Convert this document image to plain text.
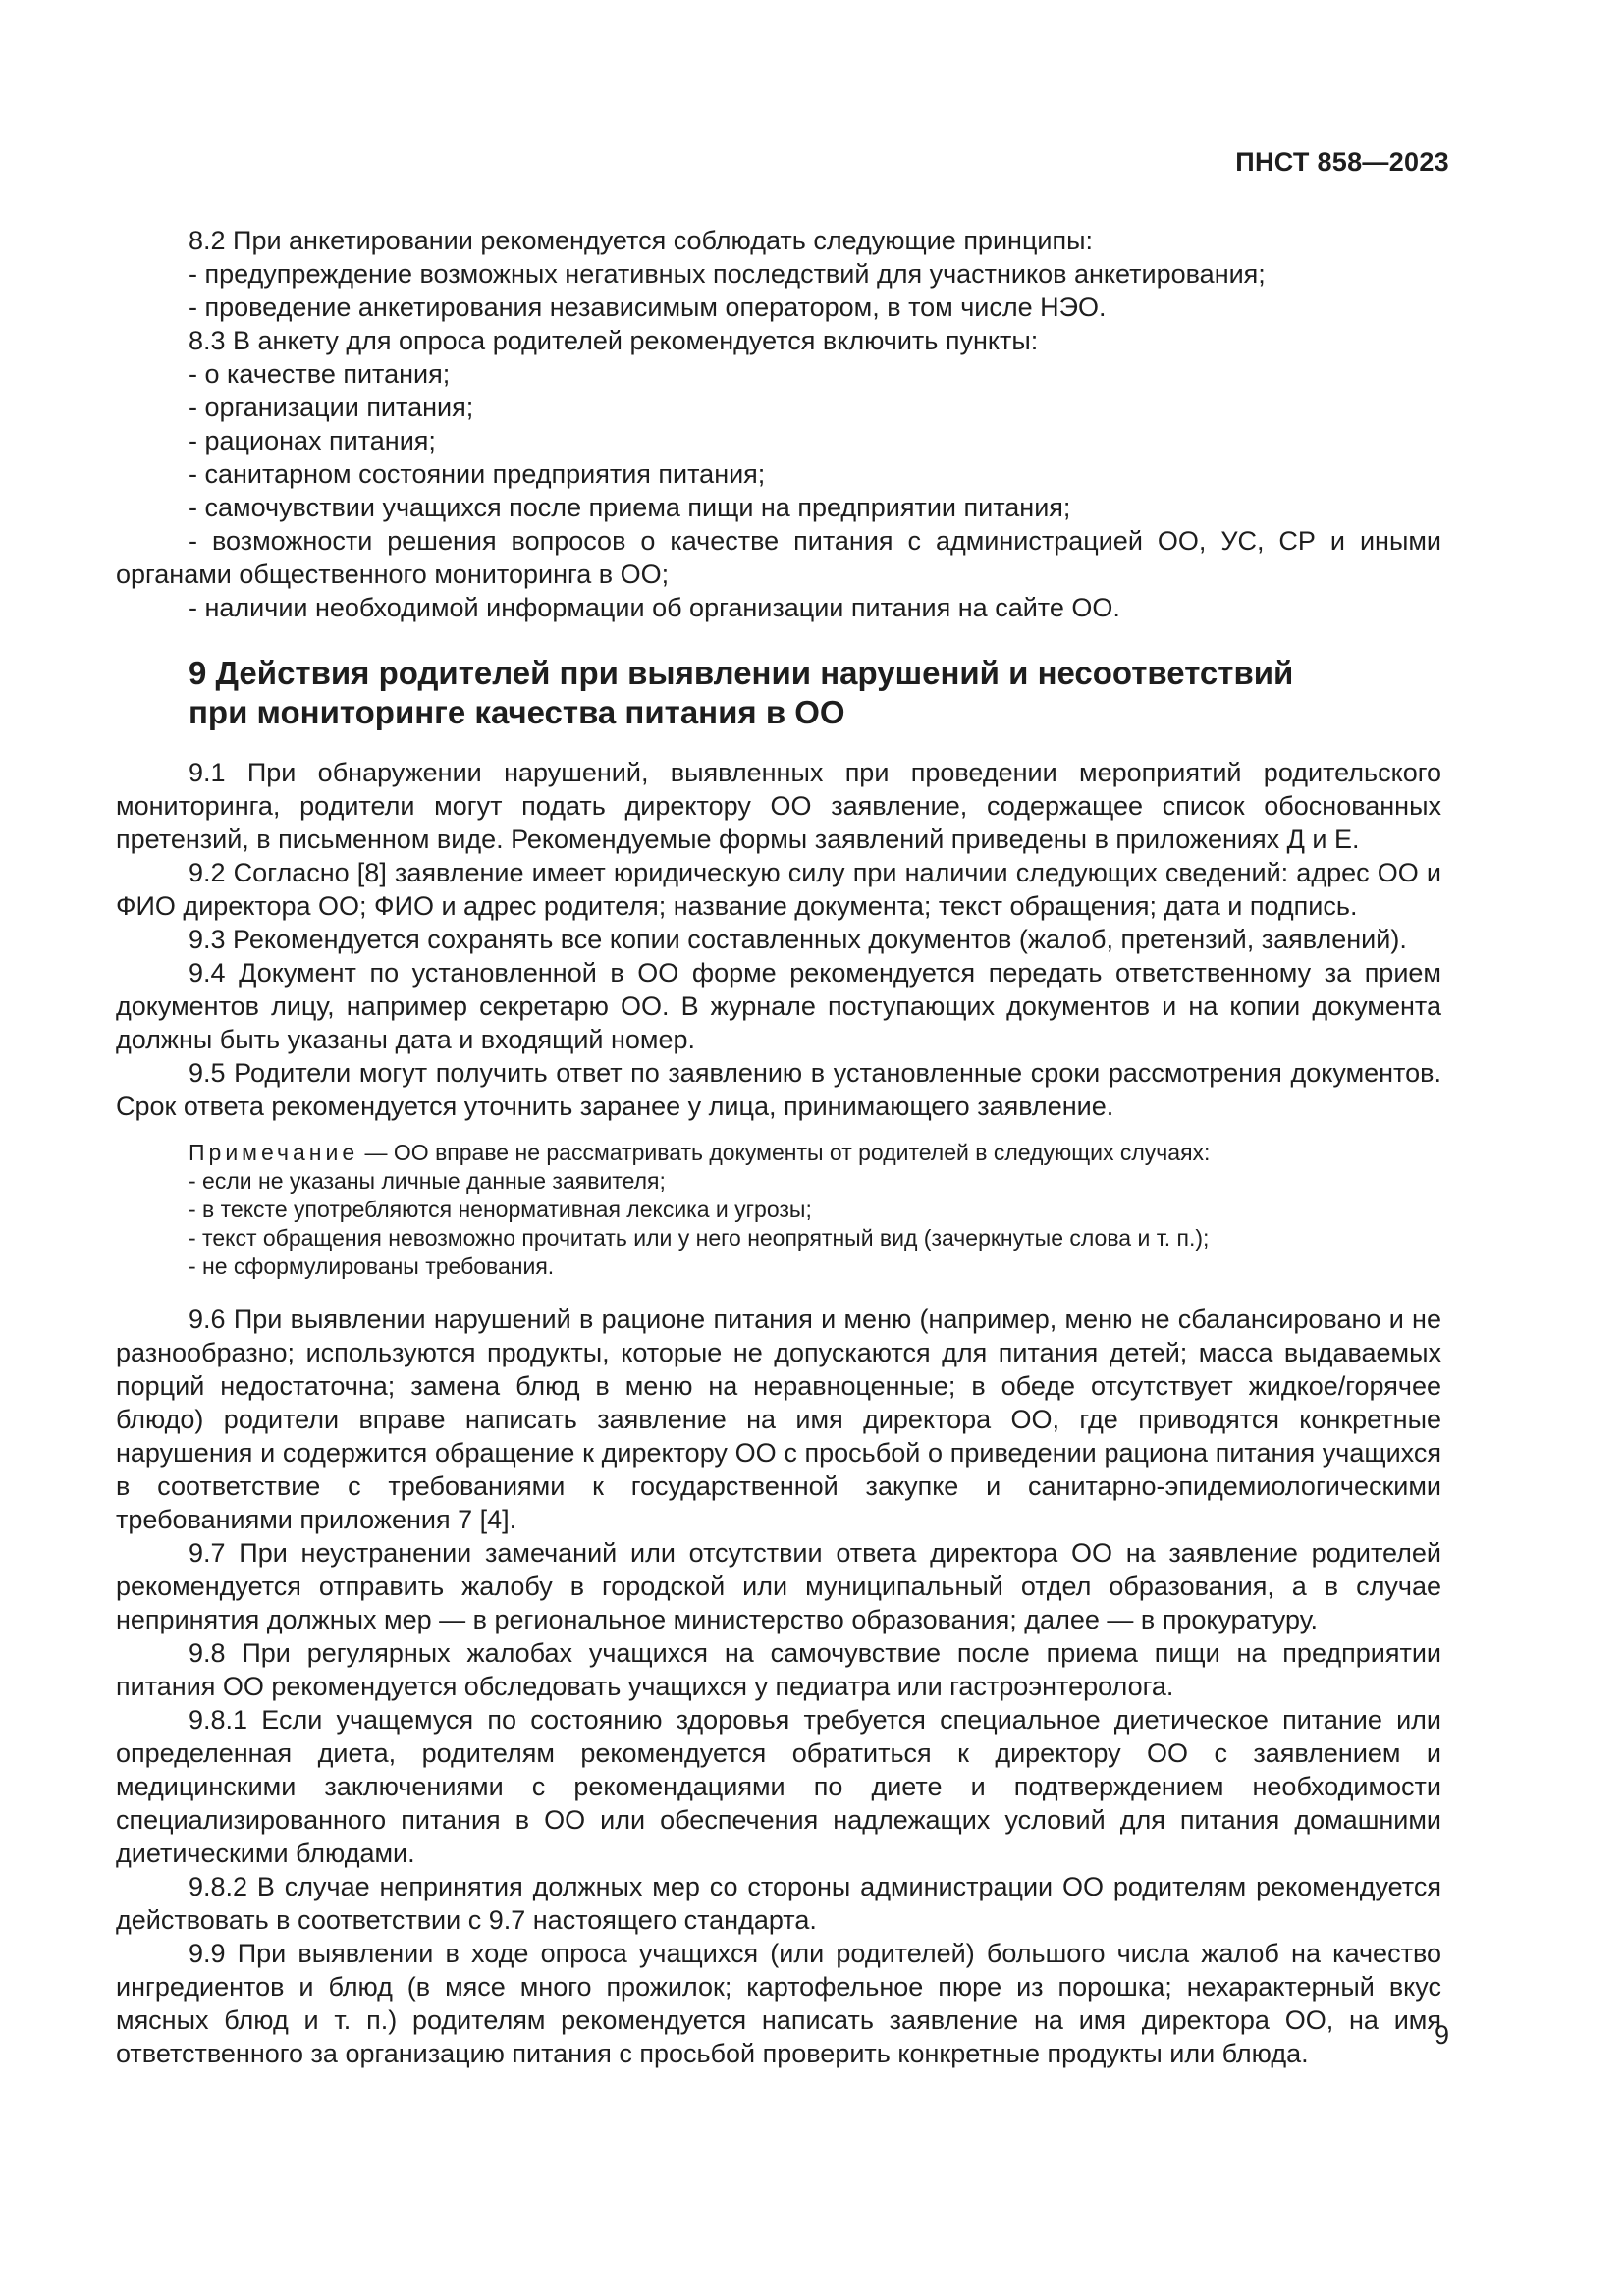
ПНСТ 858—2023

8.2 При анкетировании рекомендуется соблюдать следующие принципы:

- предупреждение возможных негативных последствий для участников анкетирования;

- проведение анкетирования независимым оператором, в том числе НЭО.

8.3 В анкету для опроса родителей рекомендуется включить пункты:

- о качестве питания;

- организации питания;

- рационах питания;

- санитарном состоянии предприятия питания;

- самочувствии учащихся после приема пищи на предприятии питания;

- возможности решения вопросов о качестве питания с администрацией ОО, УС, СР и иными органами общественного мониторинга в ОО;

- наличии необходимой информации об организации питания на сайте ОО.

9 Действия родителей при выявлении нарушений и несоответствий
при мониторинге качества питания в ОО

9.1 При обнаружении нарушений, выявленных при проведении мероприятий родительского мониторинга, родители могут подать директору ОО заявление, содержащее список обоснованных претензий, в письменном виде. Рекомендуемые формы заявлений приведены в приложениях Д и Е.

9.2 Согласно [8] заявление имеет юридическую силу при наличии следующих сведений: адрес ОО и ФИО директора ОО; ФИО и адрес родителя; название документа; текст обращения; дата и подпись.

9.3 Рекомендуется сохранять все копии составленных документов (жалоб, претензий, заявлений).

9.4 Документ по установленной в ОО форме рекомендуется передать ответственному за прием документов лицу, например секретарю ОО. В журнале поступающих документов и на копии документа должны быть указаны дата и входящий номер.

9.5 Родители могут получить ответ по заявлению в установленные сроки рассмотрения документов. Срок ответа рекомендуется уточнить заранее у лица, принимающего заявление.

Примечание — ОО вправе не рассматривать документы от родителей в следующих случаях:

- если не указаны личные данные заявителя;

- в тексте употребляются ненормативная лексика и угрозы;

- текст обращения невозможно прочитать или у него неопрятный вид (зачеркнутые слова и т. п.);

- не сформулированы требования.

9.6 При выявлении нарушений в рационе питания и меню (например, меню не сбалансировано и не разнообразно; используются продукты, которые не допускаются для питания детей; масса выдаваемых порций недостаточна; замена блюд в меню на неравноценные; в обеде отсутствует жидкое/горячее блюдо) родители вправе написать заявление на имя директора ОО, где приводятся конкретные нарушения и содержится обращение к директору ОО с просьбой о приведении рациона питания учащихся в соответствие с требованиями к государственной закупке и санитарно-эпидемиологическими требованиями приложения 7 [4].

9.7 При неустранении замечаний или отсутствии ответа директора ОО на заявление родителей рекомендуется отправить жалобу в городской или муниципальный отдел образования, а в случае непринятия должных мер — в региональное министерство образования; далее — в прокуратуру.

9.8 При регулярных жалобах учащихся на самочувствие после приема пищи на предприятии питания ОО рекомендуется обследовать учащихся у педиатра или гастроэнтеролога.

9.8.1 Если учащемуся по состоянию здоровья требуется специальное диетическое питание или определенная диета, родителям рекомендуется обратиться к директору ОО с заявлением и медицинскими заключениями с рекомендациями по диете и подтверждением необходимости специализированного питания в ОО или обеспечения надлежащих условий для питания домашними диетическими блюдами.

9.8.2 В случае непринятия должных мер со стороны администрации ОО родителям рекомендуется действовать в соответствии с 9.7 настоящего стандарта.

9.9 При выявлении в ходе опроса учащихся (или родителей) большого числа жалоб на качество ингредиентов и блюд (в мясе много прожилок; картофельное пюре из порошка; нехарактерный вкус мясных блюд и т. п.) родителям рекомендуется написать заявление на имя директора ОО, на имя ответственного за организацию питания с просьбой проверить конкретные продукты или блюда.

9
